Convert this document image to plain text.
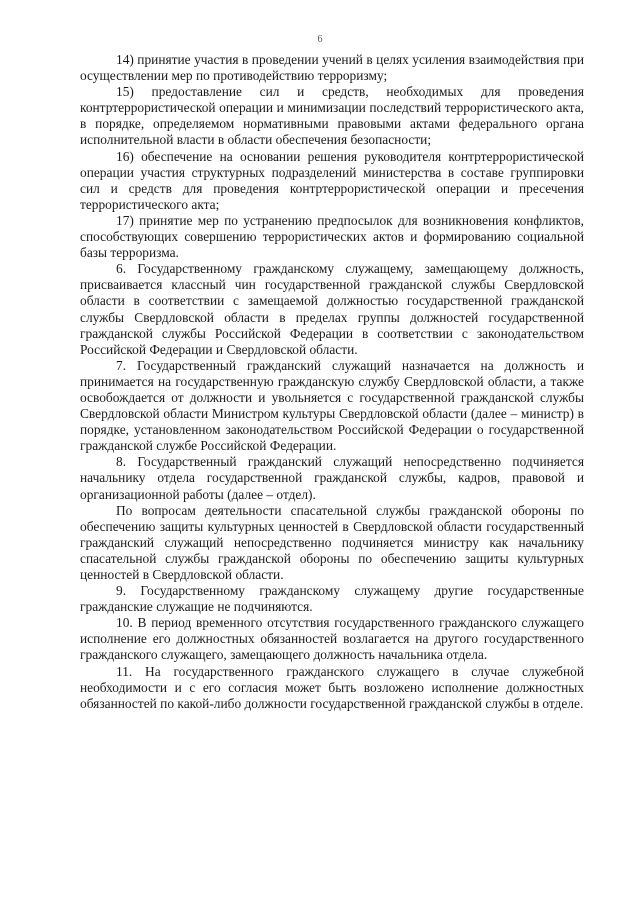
6

14) принятие участия в проведении учений в целях усиления взаимодействия при осуществлении мер по противодействию терроризму;

15) предоставление сил и средств, необходимых для проведения контртеррористической операции и минимизации последствий террористического акта, в порядке, определяемом нормативными правовыми актами федерального органа исполнительной власти в области обеспечения безопасности;

16) обеспечение на основании решения руководителя контртеррористической операции участия структурных подразделений министерства в составе группировки сил и средств для проведения контртеррористической операции и пресечения террористического акта;

17) принятие мер по устранению предпосылок для возникновения конфликтов, способствующих совершению террористических актов и формированию социальной базы терроризма.

6. Государственному гражданскому служащему, замещающему должность, присваивается классный чин государственной гражданской службы Свердловской области в соответствии с замещаемой должностью государственной гражданской службы Свердловской области в пределах группы должностей государственной гражданской службы Российской Федерации в соответствии с законодательством Российской Федерации и Свердловской области.

7. Государственный гражданский служащий назначается на должность и принимается на государственную гражданскую службу Свердловской области, а также освобождается от должности и увольняется с государственной гражданской службы Свердловской области Министром культуры Свердловской области (далее – министр) в порядке, установленном законодательством Российской Федерации о государственной гражданской службе Российской Федерации.

8. Государственный гражданский служащий непосредственно подчиняется начальнику отдела государственной гражданской службы, кадров, правовой и организационной работы (далее – отдел).

По вопросам деятельности спасательной службы гражданской обороны по обеспечению защиты культурных ценностей в Свердловской области государственный гражданский служащий непосредственно подчиняется министру как начальнику спасательной службы гражданской обороны по обеспечению защиты культурных ценностей в Свердловской области.

9. Государственному гражданскому служащему другие государственные гражданские служащие не подчиняются.

10. В период временного отсутствия государственного гражданского служащего исполнение его должностных обязанностей возлагается на другого государственного гражданского служащего, замещающего должность начальника отдела.

11. На государственного гражданского служащего в случае служебной необходимости и с его согласия может быть возложено исполнение должностных обязанностей по какой-либо должности государственной гражданской службы в отделе.
